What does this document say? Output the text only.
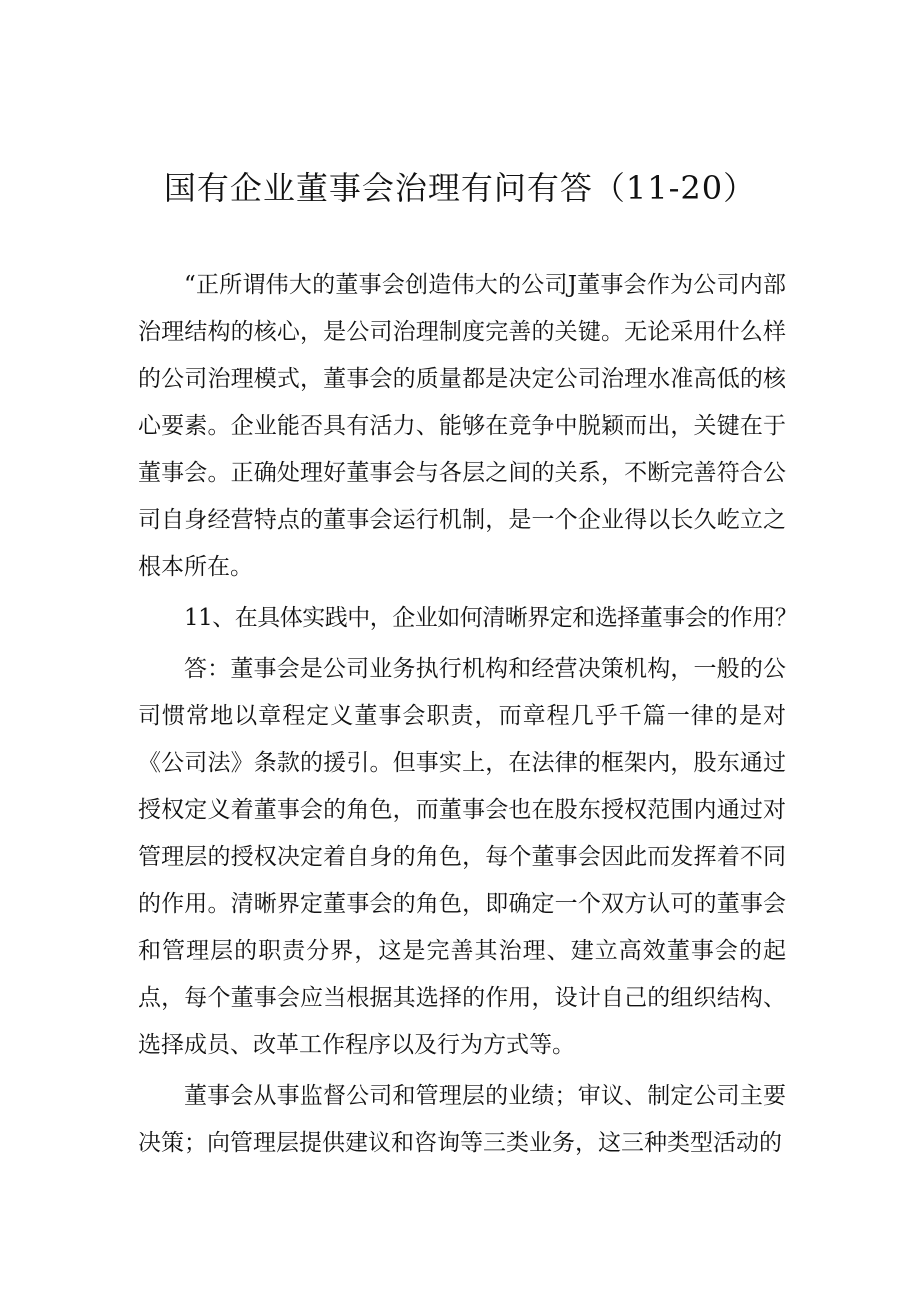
国有企业董事会治理有问有答（11-20）

“正所谓伟大的董事会创造伟大的公司J董事会作为公司内部治理结构的核心，是公司治理制度完善的关键。无论采用什么样的公司治理模式，董事会的质量都是决定公司治理水准高低的核心要素。企业能否具有活力、能够在竞争中脱颖而出，关键在于董事会。正确处理好董事会与各层之间的关系，不断完善符合公司自身经营特点的董事会运行机制，是一个企业得以长久屹立之根本所在。

11、在具体实践中，企业如何清晰界定和选择董事会的作用？

答：董事会是公司业务执行机构和经营决策机构，一般的公司惯常地以章程定义董事会职责，而章程几乎千篇一律的是对《公司法》条款的援引。但事实上，在法律的框架内，股东通过授权定义着董事会的角色，而董事会也在股东授权范围内通过对管理层的授权决定着自身的角色，每个董事会因此而发挥着不同的作用。清晰界定董事会的角色，即确定一个双方认可的董事会和管理层的职责分界，这是完善其治理、建立高效董事会的起点，每个董事会应当根据其选择的作用，设计自己的组织结构、选择成员、改革工作程序以及行为方式等。

董事会从事监督公司和管理层的业绩；审议、制定公司主要决策；向管理层提供建议和咨询等三类业务，这三种类型活动的
